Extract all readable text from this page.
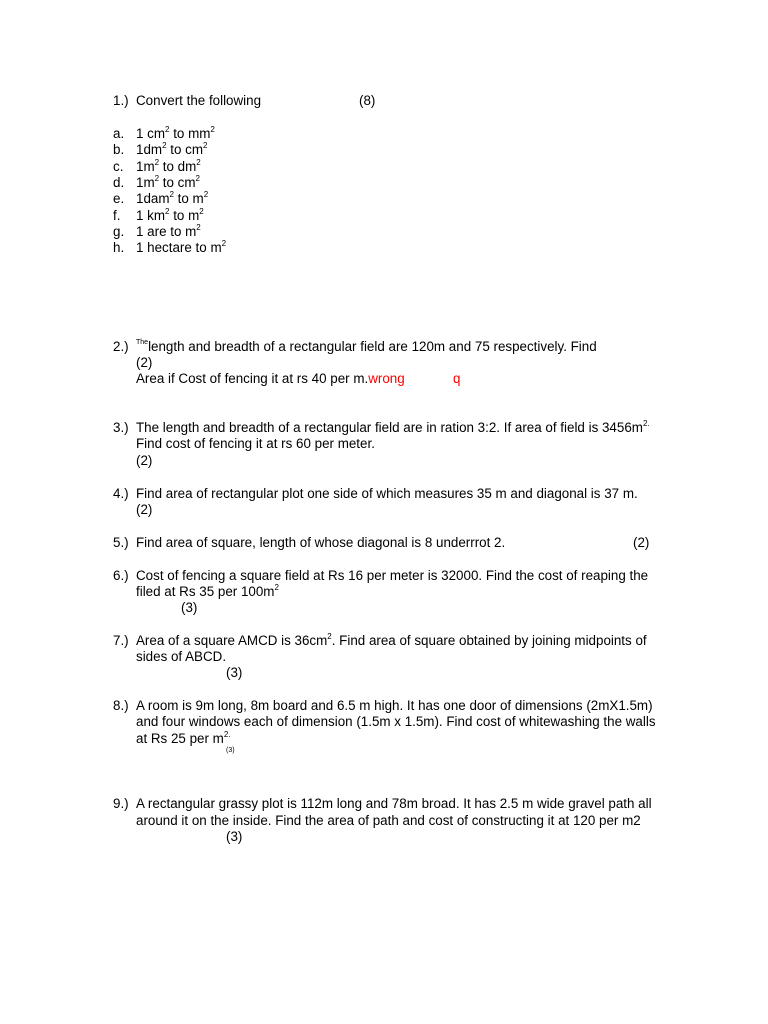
1.) Convert the following	(8)
a. 1 $cm^2$ to $mm^2$
b. $1dm^2$ to $cm^2$
c. $1m^2$ to $dm^2$
d. $1m^2$ to $cm^2$
e. 1dam$^2$ to $m^2$
f. 1 $km^2$ to $m^2$
g. 1 are to $m^2$
h. 1 hectare to $m^2$
2.) $^{The}$length and breadth of a rectangular field are 120m and 75 respectively. Find
(2)
Area if Cost of fencing it at rs 40 per m.wrong	q
3.) The length and breadth of a rectangular field are in ration 3:2. If area of field is $3456m^{2.}$
Find cost of fencing it at rs 60 per meter.
(2)
4.) Find area of rectangular plot one side of which measures 35 m and diagonal is 37 m.
(2)
5.) Find area of square, length of whose diagonal is 8 underrrot 2.	(2)
6.) Cost of fencing a square field at Rs 16 per meter is 32000. Find the cost of reaping the
filed at Rs 35 per $100m^2$
(3)
7.) Area of a square AMCD is $36cm^2$. Find area of square obtained by joining midpoints of
sides of ABCD.
(3)
8.) A room is 9m long, 8m board and 6.5 m high. It has one door of dimensions (2mX1.5m)
and four windows each of dimension (1.5m x 1.5m). Find cost of whitewashing the walls
at Rs 25 per $m^{2.}$
(3)
9.) A rectangular grassy plot is 112m long and 78m broad. It has 2.5 m wide gravel path all
around it on the inside. Find the area of path and cost of constructing it at 120 per m2
(3)
